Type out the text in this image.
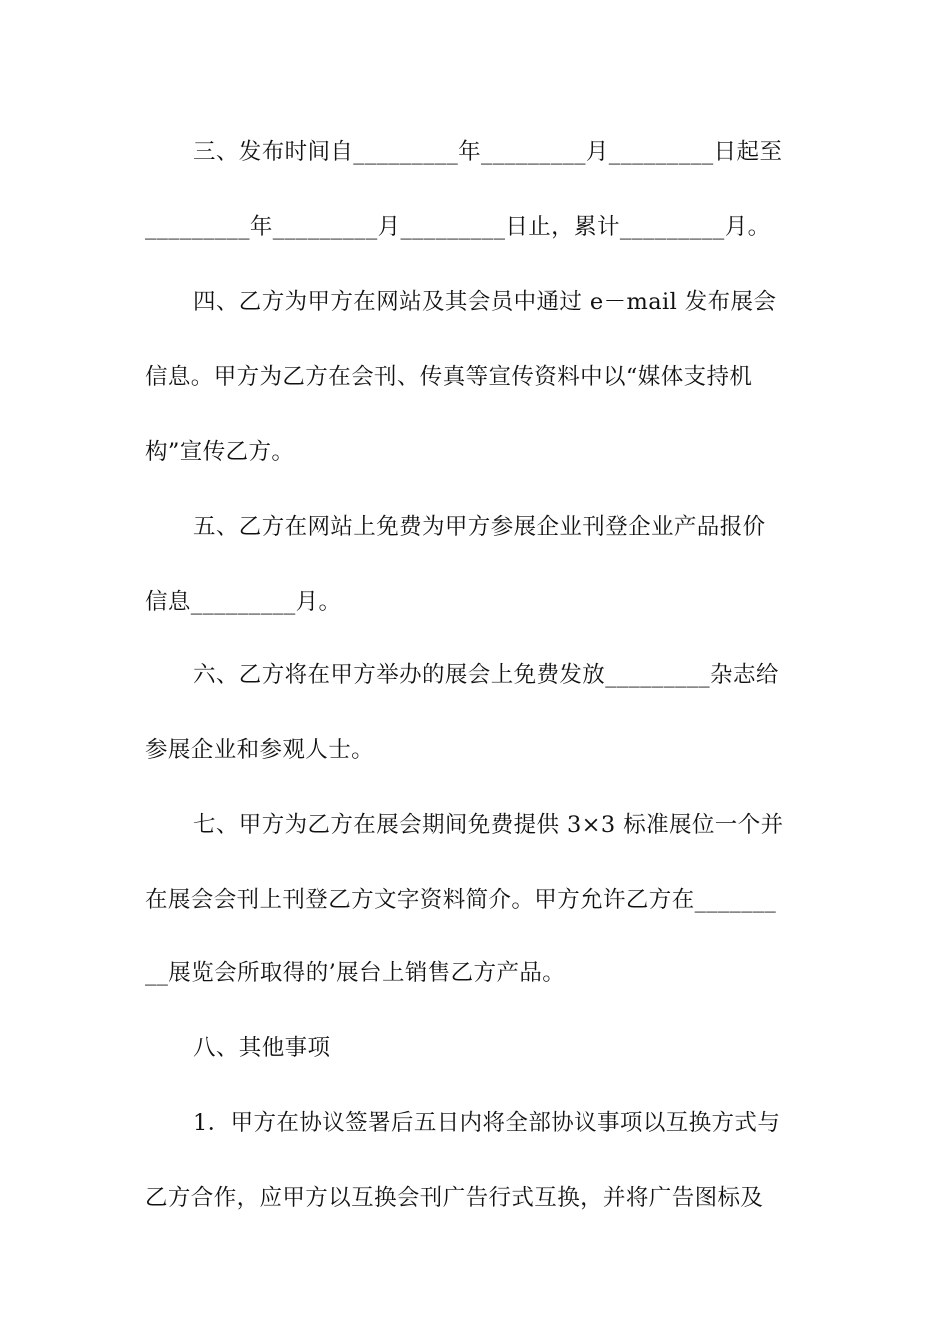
三、发布时间自_________年_________月_________日起至
_________年_________月_________日止，累计_________月。
四、乙方为甲方在网站及其会员中通过 e－mail 发布展会
信息。甲方为乙方在会刊、传真等宣传资料中以“媒体支持机
构”宣传乙方。
五、乙方在网站上免费为甲方参展企业刊登企业产品报价
信息_________月。
六、乙方将在甲方举办的展会上免费发放_________杂志给
参展企业和参观人士。
七、甲方为乙方在展会期间免费提供 3×3 标准展位一个并
在展会会刊上刊登乙方文字资料简介。甲方允许乙方在_______
__展览会所取得的’展台上销售乙方产品。
八、其他事项
1．甲方在协议签署后五日内将全部协议事项以互换方式与
乙方合作，应甲方以互换会刊广告行式互换，并将广告图标及
